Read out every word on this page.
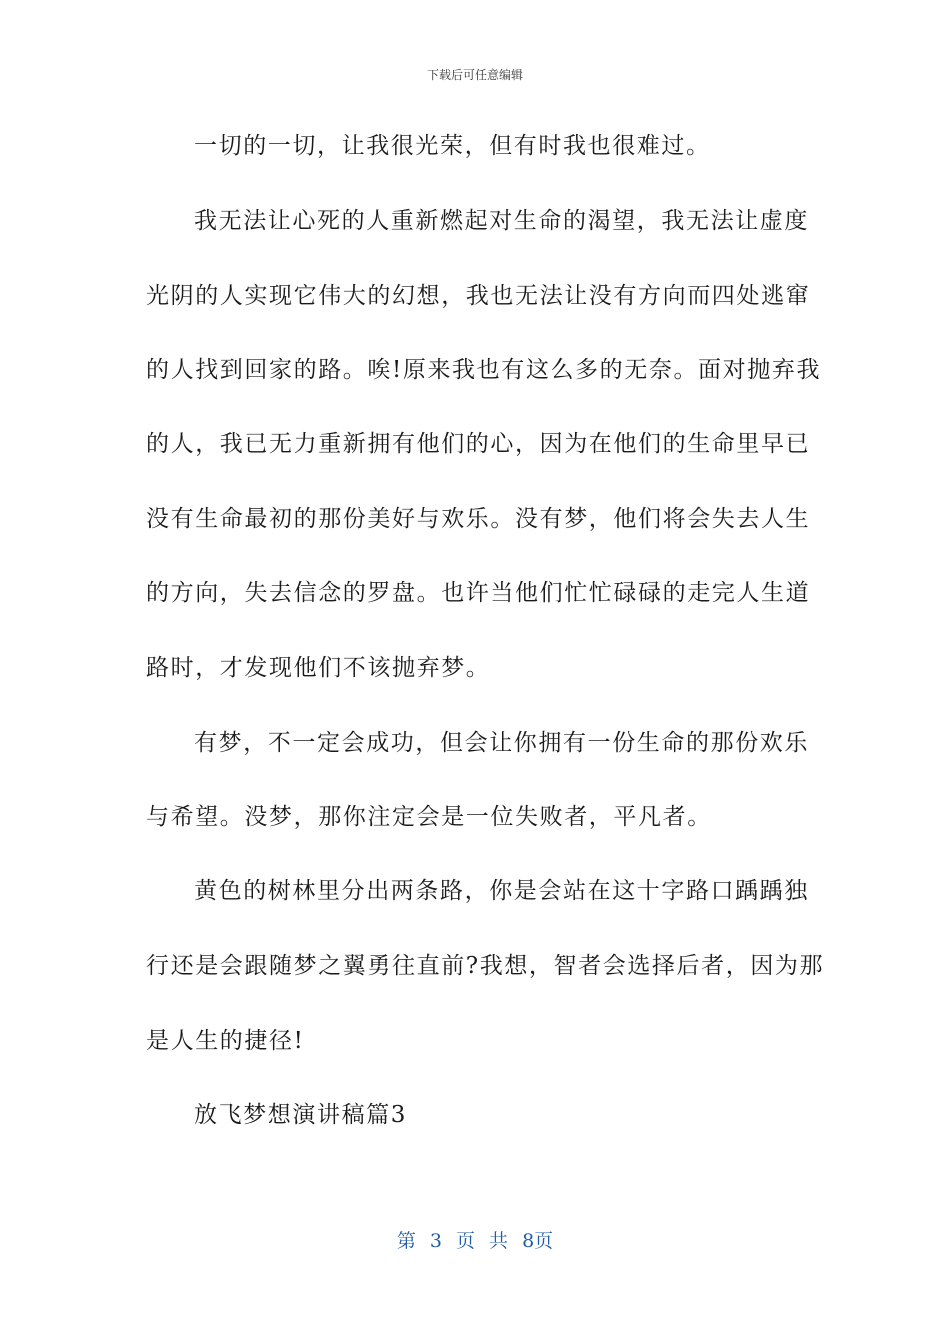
下载后可任意编辑
一切的一切，让我很光荣，但有时我也很难过。
我无法让心死的人重新燃起对生命的渴望，我无法让虚度
光阴的人实现它伟大的幻想，我也无法让没有方向而四处逃窜
的人找到回家的路。唉!原来我也有这么多的无奈。面对抛弃我
的人，我已无力重新拥有他们的心，因为在他们的生命里早已
没有生命最初的那份美好与欢乐。没有梦，他们将会失去人生
的方向，失去信念的罗盘。也许当他们忙忙碌碌的走完人生道
路时，才发现他们不该抛弃梦。
有梦，不一定会成功，但会让你拥有一份生命的那份欢乐
与希望。没梦，那你注定会是一位失败者，平凡者。
黄色的树林里分出两条路，你是会站在这十字路口踽踽独
行还是会跟随梦之翼勇往直前?我想，智者会选择后者，因为那
是人生的捷径!
放飞梦想演讲稿篇3
第 3 页 共 8页
